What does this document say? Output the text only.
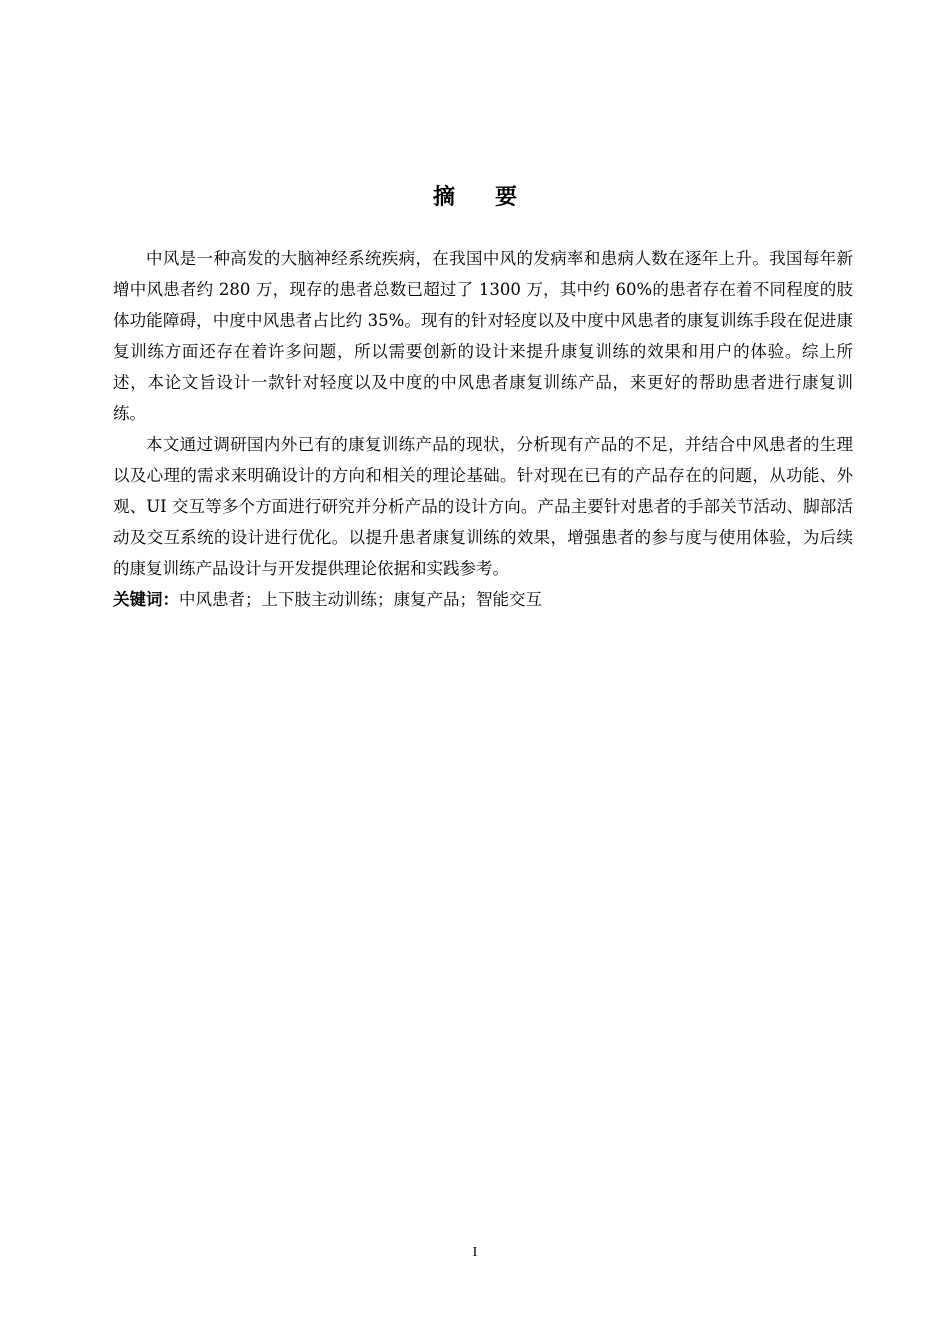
摘要

中风是一种高发的大脑神经系统疾病，在我国中风的发病率和患病人数在逐年上升。我国每年新增中风患者约 280 万，现存的患者总数已超过了 1300 万，其中约 60%的患者存在着不同程度的肢体功能障碍，中度中风患者占比约 35%。现有的针对轻度以及中度中风患者的康复训练手段在促进康复训练方面还存在着许多问题，所以需要创新的设计来提升康复训练的效果和用户的体验。综上所述，本论文旨设计一款针对轻度以及中度的中风患者康复训练产品，来更好的帮助患者进行康复训练。

本文通过调研国内外已有的康复训练产品的现状，分析现有产品的不足，并结合中风患者的生理以及心理的需求来明确设计的方向和相关的理论基础。针对现在已有的产品存在的问题，从功能、外观、UI 交互等多个方面进行研究并分析产品的设计方向。产品主要针对患者的手部关节活动、脚部活动及交互系统的设计进行优化。以提升患者康复训练的效果，增强患者的参与度与使用体验，为后续的康复训练产品设计与开发提供理论依据和实践参考。

关键词：中风患者；上下肢主动训练；康复产品；智能交互

I
